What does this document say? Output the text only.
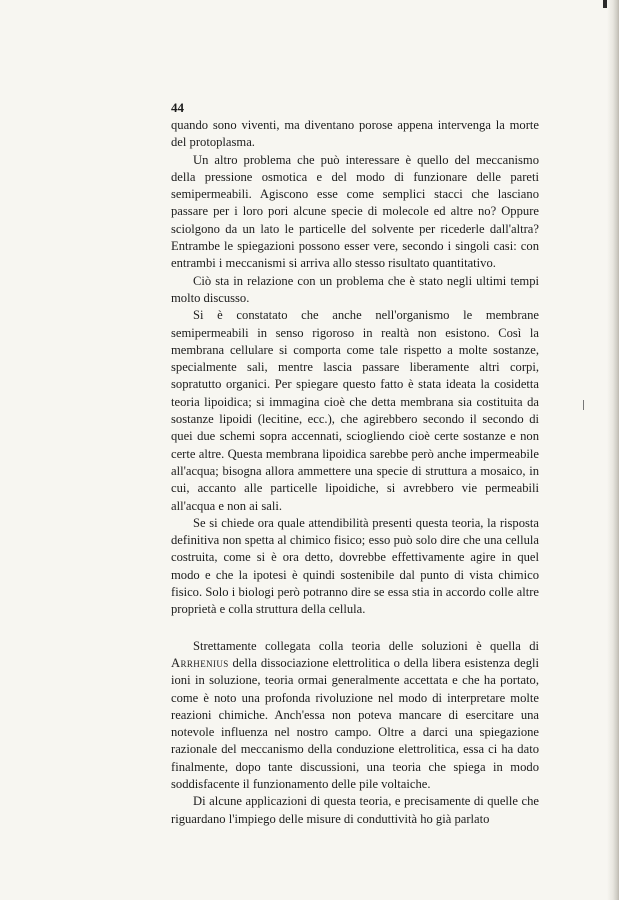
44

quando sono viventi, ma diventano porose appena intervenga la morte del protoplasma.

Un altro problema che può interessare è quello del meccanismo della pressione osmotica e del modo di funzionare delle pareti semipermeabili. Agiscono esse come semplici stacci che lasciano passare per i loro pori alcune specie di molecole ed altre no? Oppure sciolgono da un lato le particelle del solvente per ricederle dall'altra? Entrambe le spiegazioni possono esser vere, secondo i singoli casi: con entrambi i meccanismi si arriva allo stesso risultato quantitativo.

Ciò sta in relazione con un problema che è stato negli ultimi tempi molto discusso.

Si è constatato che anche nell'organismo le membrane semipermeabili in senso rigoroso in realtà non esistono. Così la membrana cellulare si comporta come tale rispetto a molte sostanze, specialmente sali, mentre lascia passare liberamente altri corpi, sopratutto organici. Per spiegare questo fatto è stata ideata la cosidetta teoria lipoidica; si immagina cioè che detta membrana sia costituita da sostanze lipoidi (lecitine, ecc.), che agirebbero secondo il secondo di quei due schemi sopra accennati, sciogliendo cioè certe sostanze e non certe altre. Questa membrana lipoidica sarebbe però anche impermeabile all'acqua; bisogna allora ammettere una specie di struttura a mosaico, in cui, accanto alle particelle lipoidiche, si avrebbero vie permeabili all'acqua e non ai sali.

Se si chiede ora quale attendibilità presenti questa teoria, la risposta definitiva non spetta al chimico fisico; esso può solo dire che una cellula costruita, come si è ora detto, dovrebbe effettivamente agire in quel modo e che la ipotesi è quindi sostenibile dal punto di vista chimico fisico. Solo i biologi però potranno dire se essa stia in accordo colle altre proprietà e colla struttura della cellula.

Strettamente collegata colla teoria delle soluzioni è quella di Arrhenius della dissociazione elettrolitica o della libera esistenza degli ioni in soluzione, teoria ormai generalmente accettata e che ha portato, come è noto una profonda rivoluzione nel modo di interpretare molte reazioni chimiche. Anch'essa non poteva mancare di esercitare una notevole influenza nel nostro campo. Oltre a darci una spiegazione razionale del meccanismo della conduzione elettrolitica, essa ci ha dato finalmente, dopo tante discussioni, una teoria che spiega in modo soddisfacente il funzionamento delle pile voltaiche.

Di alcune applicazioni di questa teoria, e precisamente di quelle che riguardano l'impiego delle misure di conduttività ho già parlato
